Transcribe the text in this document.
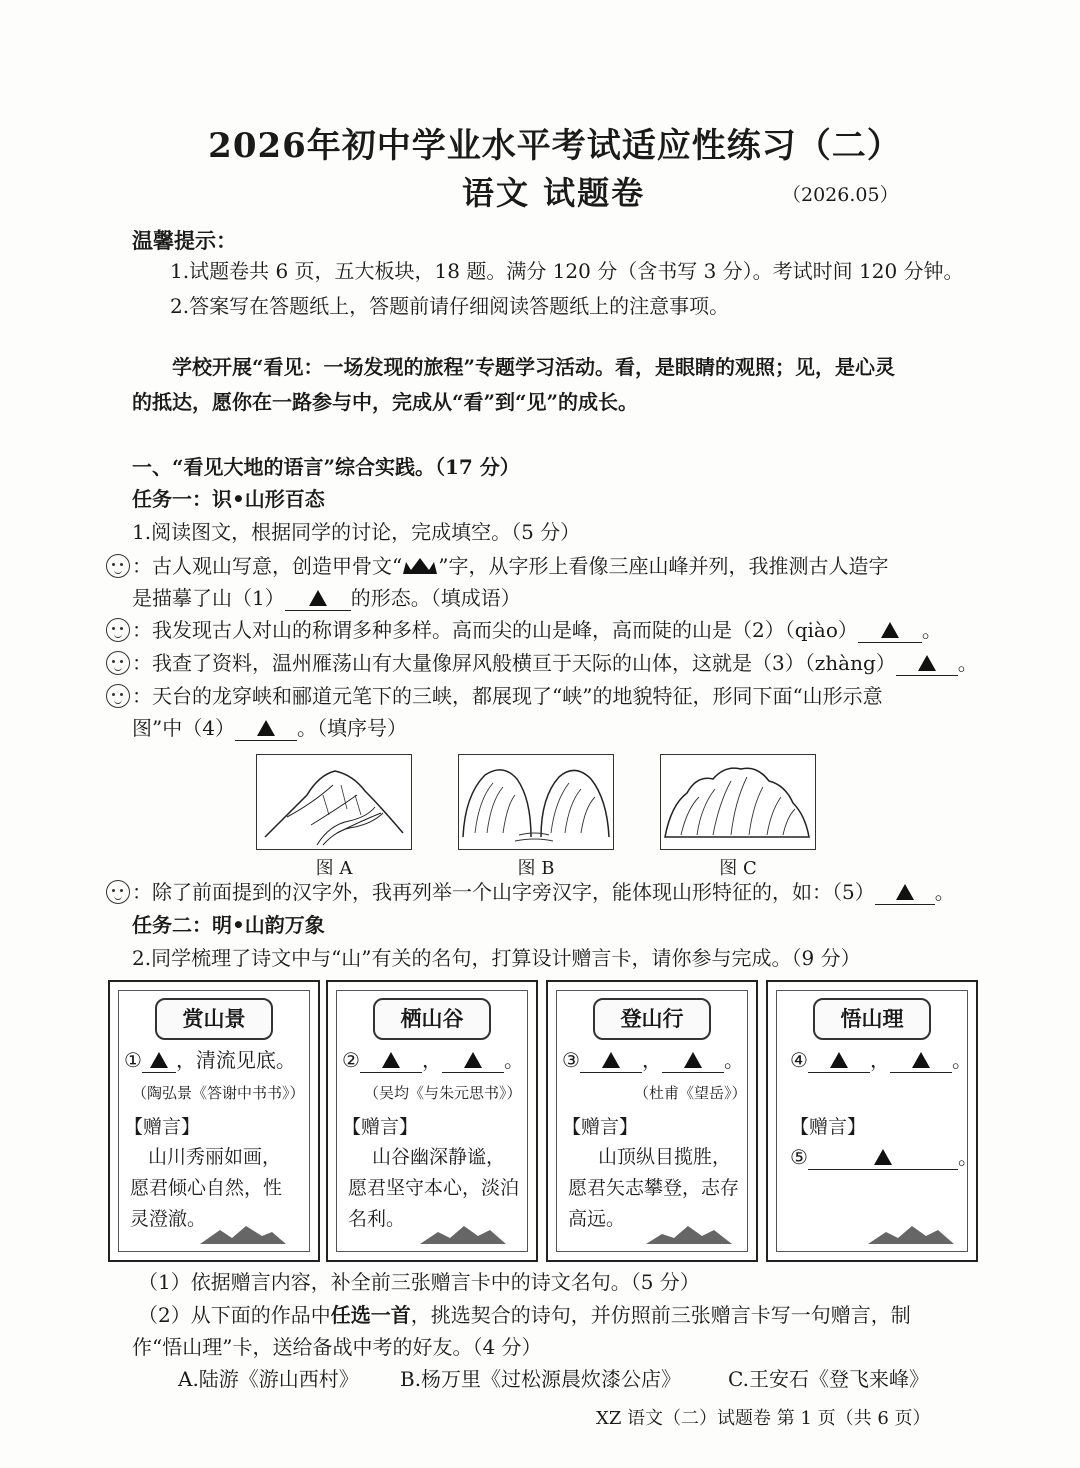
2026年初中学业水平考试适应性练习（二）
语文 试题卷	（2026.05）
温馨提示：
1.试题卷共 6 页，五大板块，18 题。满分 120 分（含书写 3 分）。考试时间 120 分钟。
2.答案写在答题纸上，答题前请仔细阅读答题纸上的注意事项。
学校开展“看见：一场发现的旅程”专题学习活动。看，是眼睛的观照；见，是心灵
的抵达，愿你在一路参与中，完成从“看”到“见”的成长。
一、“看见大地的语言”综合实践。（17 分）
任务一：识•山形百态
1.阅读图文，根据同学的讨论，完成填空。（5 分）
：古人观山写意，创造甲骨文“ ”字，从字形上看像三座山峰并列，我推测古人造字
是描摹了山（1）	的形态。（填成语）
：我发现古人对山的称谓多种多样。高而尖的山是峰，高而陡的山是（2）（qiào）	。
：我查了资料，温州雁荡山有大量像屏风般横亘于天际的山体，这就是（3）（zhàng）	。
：天台的龙穿峡和郦道元笔下的三峡，都展现了“峡”的地貌特征，形同下面“山形示意
图”中（4）	。（填序号）
图 A	图 B	图 C
：除了前面提到的汉字外，我再列举一个山字旁汉字，能体现山形特征的，如：（5）	。
任务二：明•山韵万象
2.同学梳理了诗文中与“山”有关的名句，打算设计赠言卡，请你参与完成。（9 分）
赏山景
① ，清流见底。
（陶弘景《答谢中书书》）
【赠言】
山川秀丽如画，
愿君倾心自然，性
灵澄澈。
栖山谷
②	，	。
（吴均《与朱元思书》）
【赠言】
山谷幽深静谧，
愿君坚守本心，淡泊
名利。
登山行
③	，	。
（杜甫《望岳》）
【赠言】
山顶纵目揽胜，
愿君矢志攀登，志存
高远。
悟山理
④	，	。
【赠言】
⑤	。
（1）依据赠言内容，补全前三张赠言卡中的诗文名句。（5 分）
（2）从下面的作品中任选一首，挑选契合的诗句，并仿照前三张赠言卡写一句赠言，制
作“悟山理”卡，送给备战中考的好友。（4 分）
A.陆游《游山西村》 B.杨万里《过松源晨炊漆公店》 C.王安石《登飞来峰》
XZ 语文（二）试题卷 第 1 页（共 6 页）
